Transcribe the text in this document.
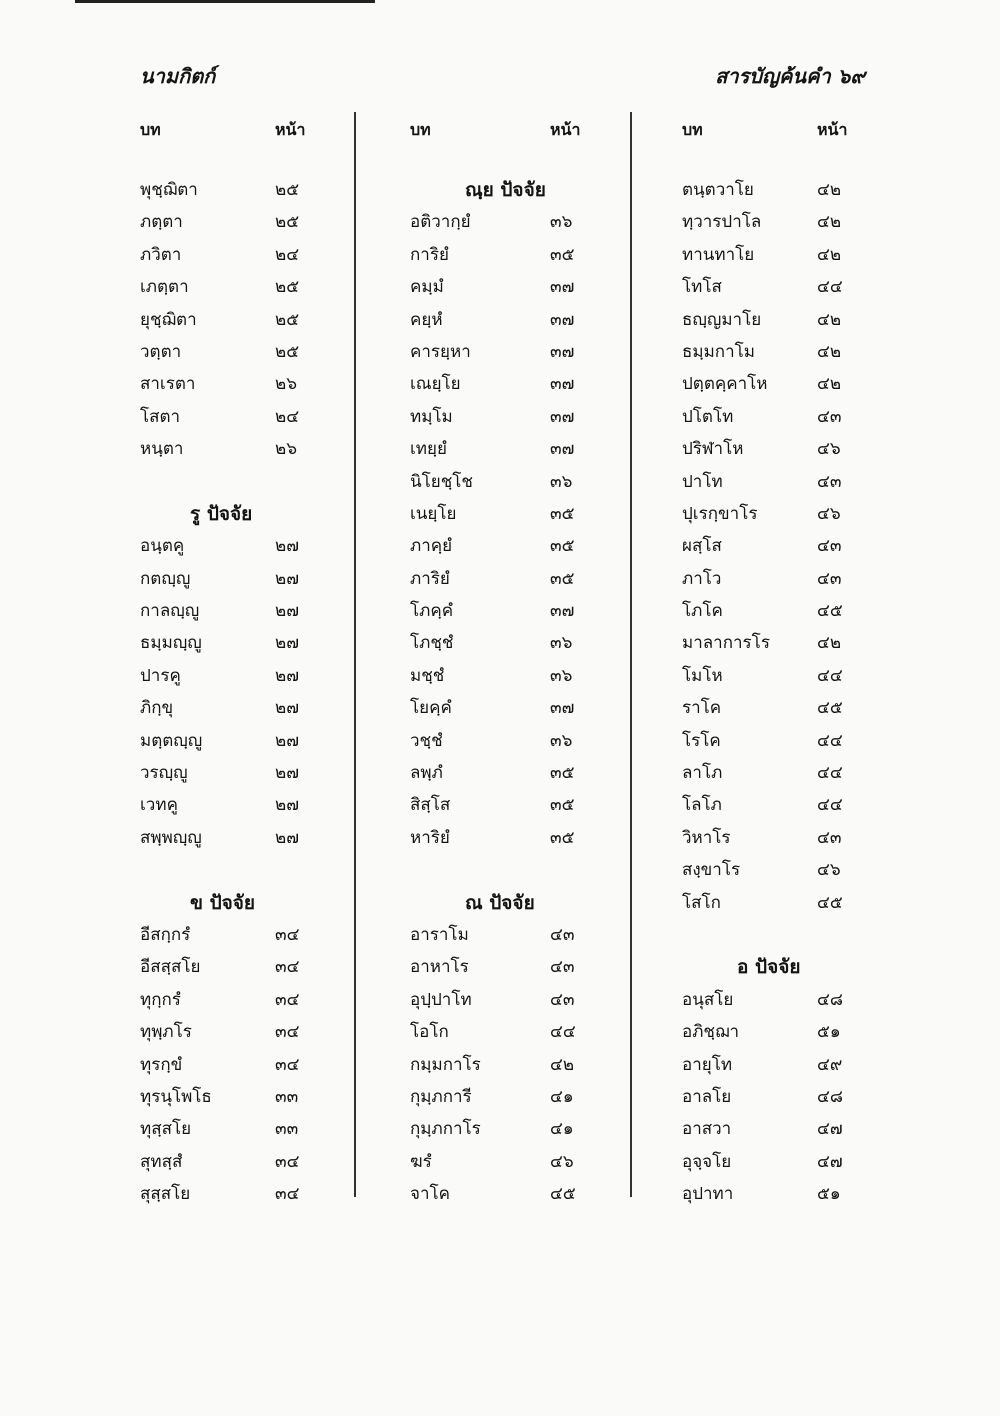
นามกิตก์	สารบัญค้นคำ ๖๙
บท	หน้า
พุชฺฌิตา	๒๕
ภตฺตา	๒๕
ภวิตา	๒๔
เภตฺตา	๒๕
ยุชฺฌิตา	๒๕
วตฺตา	๒๕
สาเรตา	๒๖
โสตา	๒๔
หนฺตา	๒๖
รู ปัจจัย
อนฺตคู	๒๗
กตญฺญู	๒๗
กาลญฺญู	๒๗
ธมฺมญฺญู	๒๗
ปารคู	๒๗
ภิกฺขุ	๒๗
มตฺตญฺญู	๒๗
วรญฺญู	๒๗
เวทคู	๒๗
สพฺพญฺญู	๒๗
ข ปัจจัย
อีสกฺกรํ	๓๔
อีสสฺสโย	๓๔
ทุกฺกรํ	๓๔
ทุพฺภโร	๓๔
ทุรกฺขํ	๓๔
ทุรนุโพโธ	๓๓
ทุสฺสโย	๓๓
สุทสฺสํ	๓๔
สุสฺสโย	๓๔
บท	หน้า
ณฺย ปัจจัย
อติวากฺยํ	๓๖
การิยํ	๓๕
คมฺมํ	๓๗
คยฺหํ	๓๗
คารยฺหา	๓๗
เณยฺโย	๓๗
ทมฺโม	๓๗
เทยฺยํ	๓๗
นิโยชฺโช	๓๖
เนยฺโย	๓๕
ภาคฺยํ	๓๕
ภาริยํ	๓๕
โภคฺคํ	๓๗
โภชฺชํ	๓๖
มชฺชํ	๓๖
โยคฺคํ	๓๗
วชฺชํ	๓๖
ลพฺภํ	๓๕
สิสฺโส	๓๕
หาริยํ	๓๕
ณ ปัจจัย
อาราโม	๔๓
อาหาโร	๔๓
อุปฺปาโท	๔๓
โอโก	๔๔
กมฺมกาโร	๔๒
กุมฺภการี	๔๑
กุมฺภกาโร	๔๑
ฆรํ	๔๖
จาโค	๔๕
บท	หน้า
ตนฺตวาโย	๔๒
ทฺวารปาโล	๔๒
ทานทาโย	๔๒
โทโส	๔๔
ธญฺญมาโย	๔๒
ธมฺมกาโม	๔๒
ปตฺตคฺคาโห	๔๒
ปโตโท	๔๓
ปริฬาโห	๔๖
ปาโท	๔๓
ปุเรกฺขาโร	๔๖
ผสฺโส	๔๓
ภาโว	๔๓
โภโค	๔๕
มาลาการโร	๔๒
โมโห	๔๔
ราโค	๔๕
โรโค	๔๔
ลาโภ	๔๔
โลโภ	๔๔
วิหาโร	๔๓
สงฺขาโร	๔๖
โสโก	๔๕
อ ปัจจัย
อนุสโย	๔๘
อภิชฺฌา	๕๑
อายุโท	๔๙
อาลโย	๔๘
อาสวา	๔๗
อุจฺจโย	๔๗
อุปาทา	๕๑
